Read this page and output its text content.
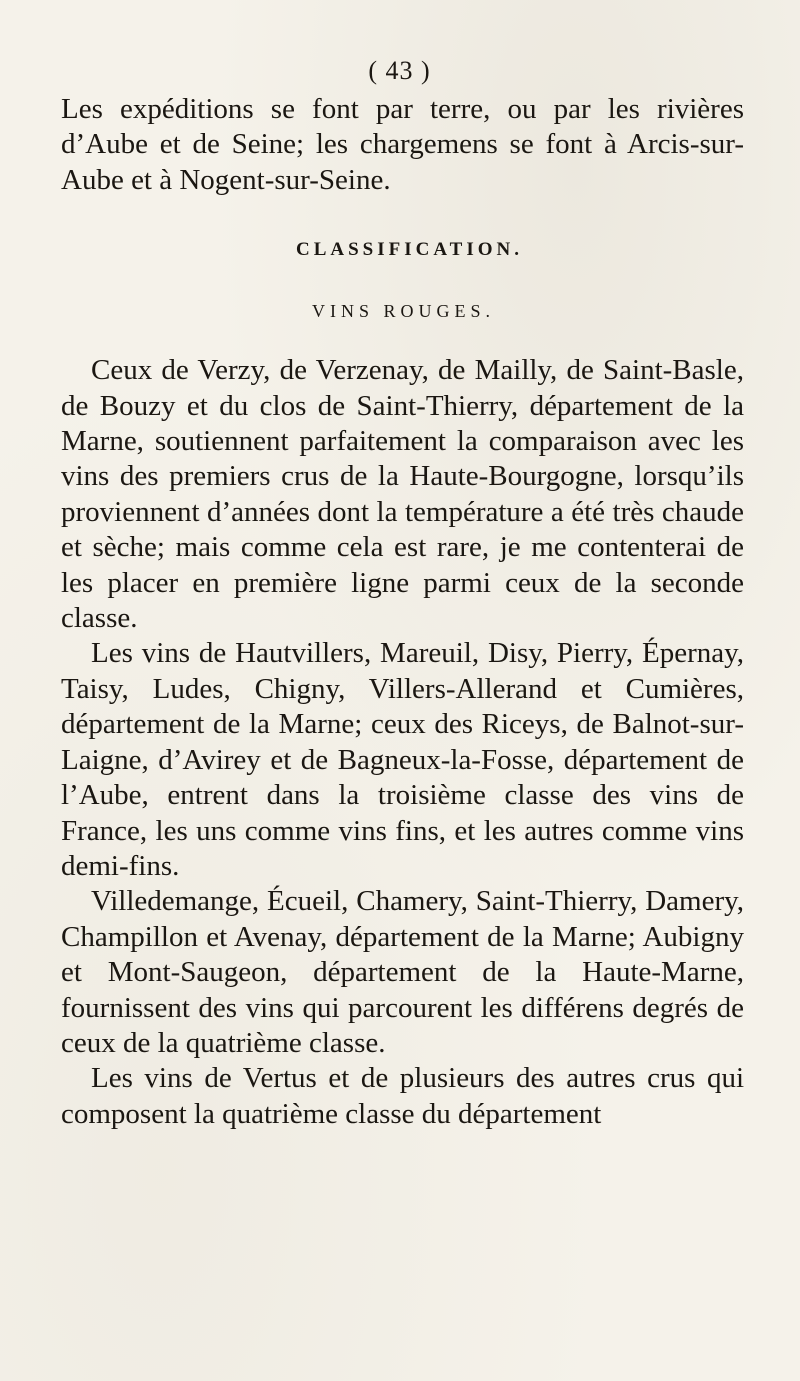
( 43 )

Les expéditions se font par terre, ou par les rivières d’Aube et de Seine; les chargemens se font à Arcis-sur-Aube et à Nogent-sur-Seine.

CLASSIFICATION.
VINS ROUGES.

Ceux de Verzy, de Verzenay, de Mailly, de Saint-Basle, de Bouzy et du clos de Saint-Thierry, département de la Marne, soutiennent parfaitement la comparaison avec les vins des premiers crus de la Haute-Bourgogne, lorsqu’ils proviennent d’années dont la température a été très chaude et sèche; mais comme cela est rare, je me contenterai de les placer en première ligne parmi ceux de la seconde classe.

Les vins de Hautvillers, Mareuil, Disy, Pierry, Épernay, Taisy, Ludes, Chigny, Villers-Allerand et Cumières, département de la Marne; ceux des Riceys, de Balnot-sur-Laigne, d’Avirey et de Bagneux-la-Fosse, département de l’Aube, entrent dans la troisième classe des vins de France, les uns comme vins fins, et les autres comme vins demi-fins.

Villedemange, Écueil, Chamery, Saint-Thierry, Damery, Champillon et Avenay, département de la Marne; Aubigny et Mont-Saugeon, département de la Haute-Marne, fournissent des vins qui parcourent les différens degrés de ceux de la quatrième classe.

Les vins de Vertus et de plusieurs des autres crus qui composent la quatrième classe du département
